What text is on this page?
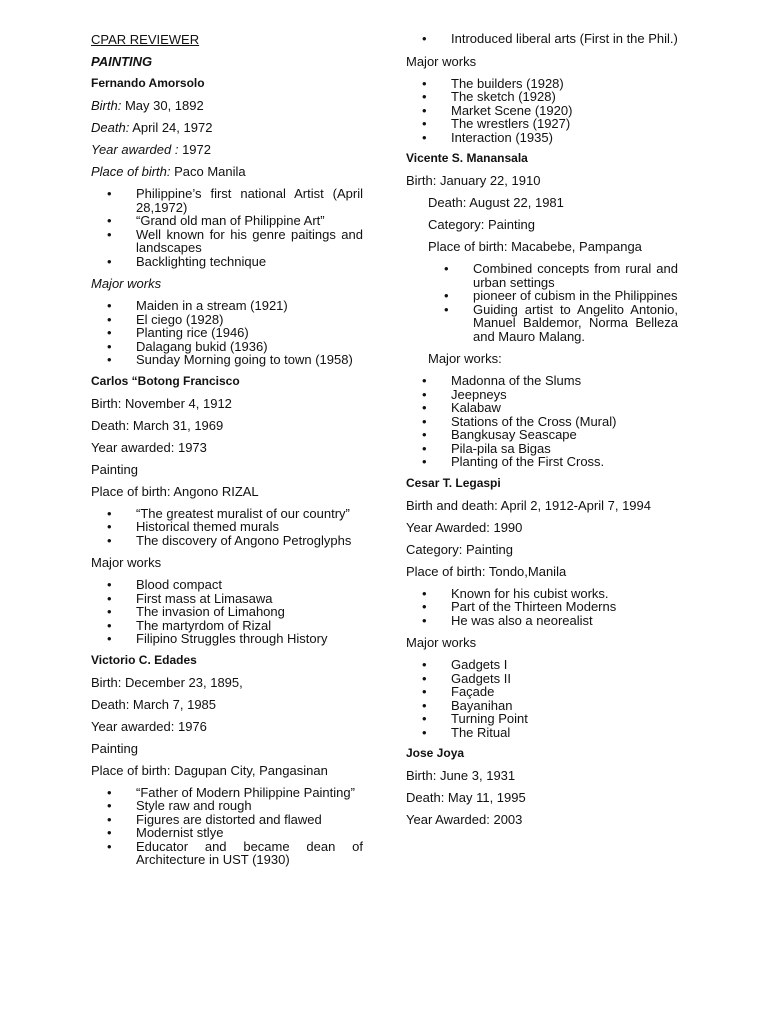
CPAR REVIEWER

PAINTING

Fernando Amorsolo

Birth: May 30, 1892

Death: April 24, 1972

Year awarded : 1972

Place of birth: Paco Manila

• Philippine’s first national Artist (April 28,1972)
• “Grand old man of Philippine Art”
• Well known for his genre paitings and landscapes
• Backlighting technique

Major works

• Maiden in a stream (1921)
• El ciego (1928)
• Planting rice (1946)
• Dalagang bukid (1936)
• Sunday Morning going to town (1958)

Carlos “Botong Francisco

Birth: November 4, 1912

Death: March 31, 1969

Year awarded: 1973

Painting

Place of birth: Angono RIZAL

• “The greatest muralist of our country”
• Historical themed murals
• The discovery of Angono Petroglyphs

Major works

• Blood compact
• First mass at Limasawa
• The invasion of Limahong
• The martyrdom of Rizal
• Filipino Struggles through History

Victorio C. Edades

Birth: December 23, 1895,

Death: March 7, 1985

Year awarded: 1976

Painting

Place of birth: Dagupan City, Pangasinan

• “Father of Modern Philippine Painting”
• Style raw and rough
• Figures are distorted and flawed
• Modernist stlye
• Educator and became dean of Architecture in UST (1930)
• Introduced liberal arts (First in the Phil.)

Major works

• The builders (1928)
• The sketch (1928)
• Market Scene (1920)
• The wrestlers (1927)
• Interaction (1935)

Vicente S. Manansala

Birth: January 22, 1910

Death: August 22, 1981

Category: Painting

Place of birth: Macabebe, Pampanga

• Combined concepts from rural and urban settings
• pioneer of cubism in the Philippines
• Guiding artist to Angelito Antonio, Manuel Baldemor, Norma Belleza and Mauro Malang.

Major works:

• Madonna of the Slums
• Jeepneys
• Kalabaw
• Stations of the Cross (Mural)
• Bangkusay Seascape
• Pila-pila sa Bigas
• Planting of the First Cross.

Cesar T. Legaspi

Birth and death: April 2, 1912-April 7, 1994

Year Awarded: 1990

Category: Painting

Place of birth: Tondo,Manila

• Known for his cubist works.
• Part of the Thirteen Moderns
• He was also a neorealist

Major works

• Gadgets I
• Gadgets II
• Façade
• Bayanihan
• Turning Point
• The Ritual

Jose Joya

Birth: June 3, 1931

Death: May 11, 1995

Year Awarded: 2003
